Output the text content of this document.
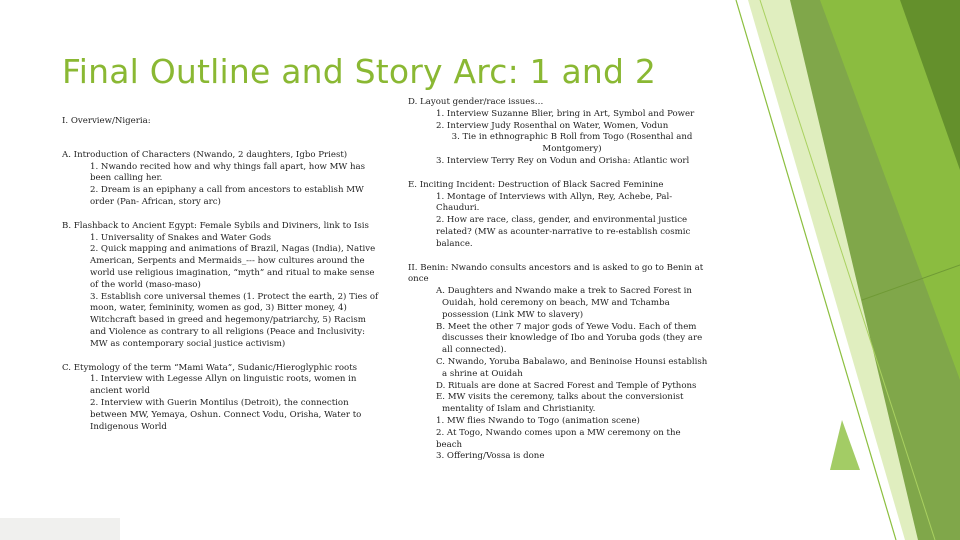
Final Outline and Story Arc: 1 and 2

I. Overview/Nigeria:

A. Introduction of Characters (Nwando, 2 daughters, Igbo Priest)

1. Nwando recited how and why things fall apart, how MW has been calling her.

2. Dream is an epiphany a call from ancestors to establish MW order (Pan- African, story arc)

B. Flashback to Ancient Egypt: Female Sybils and Diviners, link to Isis

1. Universality of Snakes and Water Gods

2. Quick mapping and animations of Brazil, Nagas (India), Native American, Serpents and Mermaids_--- how cultures around the world use religious imagination, “myth” and ritual to make sense of the world (maso-maso)

3. Establish core universal themes (1. Protect the earth, 2) Ties of moon, water, femininity, women as god, 3) Bitter money, 4) Witchcraft based in greed and hegemony/patriarchy, 5) Racism and Violence as contrary to all religions (Peace and Inclusivity: MW as contemporary social justice activism)

C. Etymology of the term “Mami Wata”, Sudanic/Hieroglyphic roots

1. Interview with Legesse Allyn on linguistic roots, women in ancient world

2. Interview with Guerin Montilus (Detroit), the connection between MW, Yemaya, Oshun. Connect Vodu, Orisha, Water to Indigenous World

D. Layout gender/race issues…

1. Interview Suzanne Blier, bring in Art, Symbol and Power

2. Interview Judy Rosenthal on Water, Women, Vodun

3. Tie in ethnographic B Roll from Togo (Rosenthal and Montgomery)

3. Interview Terry Rey on Vodun and Orisha: Atlantic worl

E. Inciting Incident: Destruction of Black Sacred Feminine

1. Montage of Interviews with Allyn, Rey, Achebe, Pal-Chauduri.

2. How are race, class, gender, and environmental justice related? (MW as acounter-narrative to re-establish cosmic balance.

II. Benin: Nwando consults ancestors and is asked to go to Benin at once

A. Daughters and Nwando make a trek to Sacred Forest in Ouidah, hold ceremony on beach, MW and Tchamba possession (Link MW to slavery)

B. Meet the other 7 major gods of Yewe Vodu. Each of them discusses their knowledge of Ibo and Yoruba gods (they are all connected).

C. Nwando, Yoruba Babalawo, and Beninoise Hounsi establish a shrine at Ouidah

D. Rituals are done at Sacred Forest and Temple of Pythons

E. MW visits the ceremony, talks about the conversionist mentality of Islam and Christianity.

1. MW flies Nwando to Togo (animation scene)

2. At Togo, Nwando comes upon a MW ceremony on the beach

3. Offering/Vossa is done
